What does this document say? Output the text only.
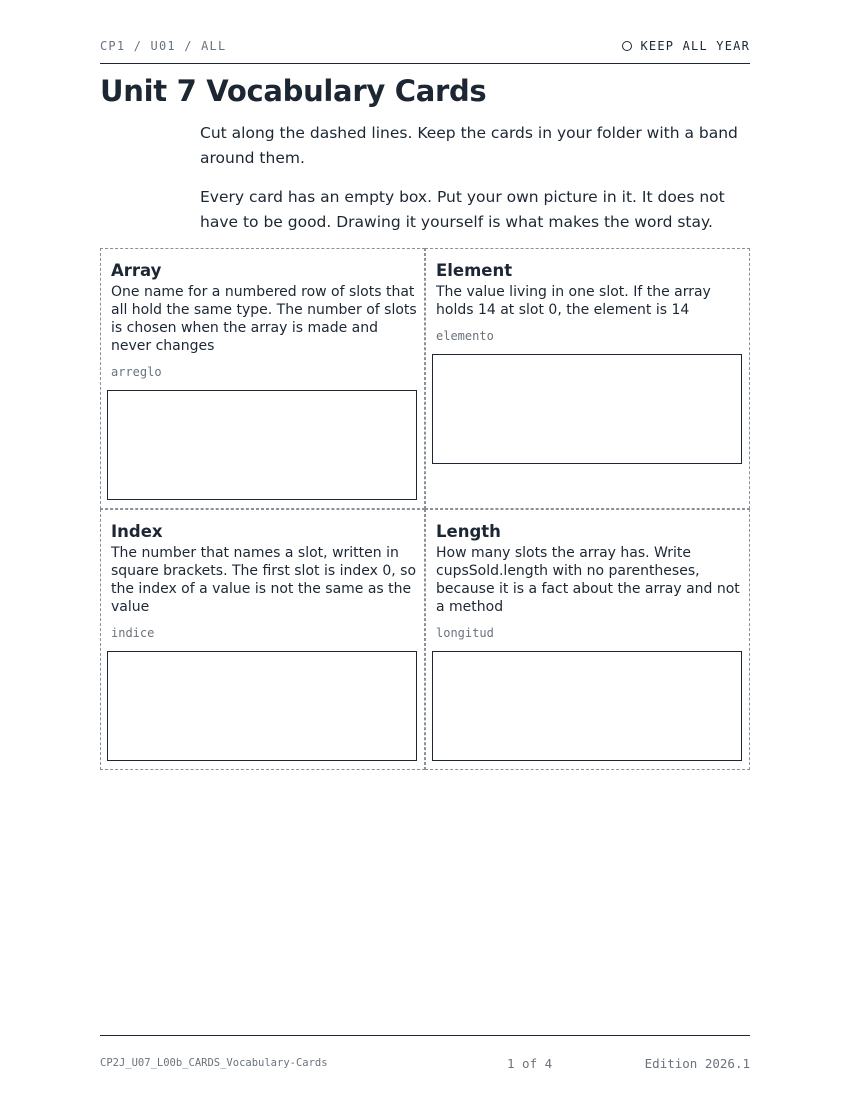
CP1 / U01 / ALL	KEEP ALL YEAR
Unit 7 Vocabulary Cards

Cut along the dashed lines. Keep the cards in your folder with a band around them.

Every card has an empty box. Put your own picture in it. It does not have to be good. Drawing it yourself is what makes the word stay.

Array

One name for a numbered row of slots that all hold the same type. The number of slots is chosen when the array is made and never changes

arreglo
Element

The value living in one slot. If the array holds 14 at slot 0, the element is 14

elemento
Index

The number that names a slot, written in square brackets. The first slot is index 0, so the index of a value is not the same as the value

indice
Length

How many slots the array has. Write cupsSold.length with no parentheses, because it is a fact about the array and not a method

longitud
CP2J_U07_L00b_CARDS_Vocabulary-Cards	1 of 4	Edition 2026.1
